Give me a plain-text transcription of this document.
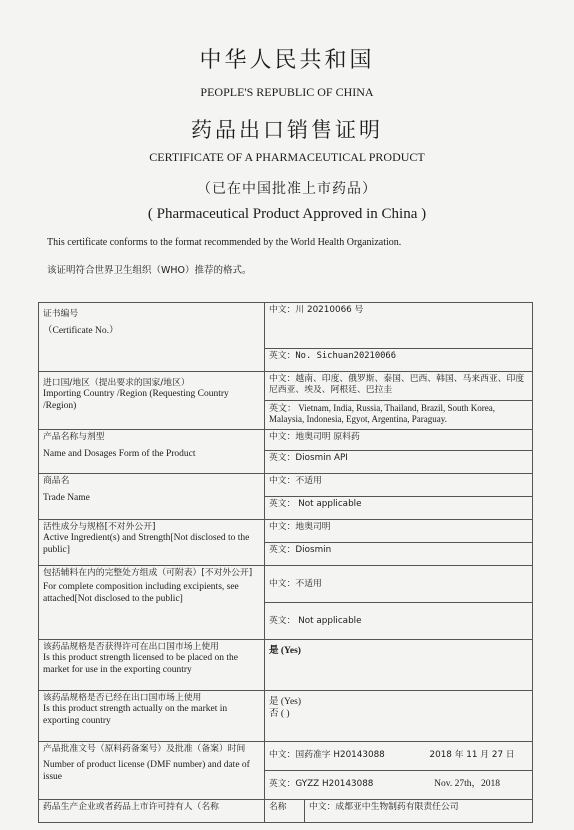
中华人民共和国
PEOPLE'S REPUBLIC OF CHINA
药品出口销售证明
CERTIFICATE OF A PHARMACEUTICAL PRODUCT
（已在中国批准上市药品）
( Pharmaceutical Product Approved in China )
This certificate conforms to the format recommended by the World Health Organization.
该证明符合世界卫生组织（WHO）推荐的格式。
证书编号
（Certificate No.）	中文：川 20210066 号	

	英文：No. Sichuan20210066	

进口国/地区（提出要求的国家/地区）
Importing Country /Region (Requesting Country /Region)	中文：越南、印度、俄罗斯、泰国、巴西、韩国、马来西亚、印度尼西亚、埃及、阿根廷、巴拉圭	

	英文： Vietnam, India, Russia, Thailand, Brazil, South Korea, Malaysia, Indonesia, Egyot, Argentina, Paraguay.	

产品名称与剂型
Name and Dosages Form of the Product	中文：地奥司明 原料药	

	英文：Diosmin API	

商品名
Trade Name	中文：不适用	

	英文： Not applicable	

活性成分与规格[不对外公开]
Active Ingredient(s) and Strength[Not disclosed to the public]	中文：地奥司明	

	英文：Diosmin	

包括辅料在内的完整处方组成（可附表）[不对外公开]
For complete composition including excipients, see attached[Not disclosed to the public]	中文：不适用	

	英文： Not applicable	

该药品规格是否获得许可在出口国市场上使用
Is this product strength licensed to be placed on the market for use in the exporting country	是 (Yes)	

该药品规格是否已经在出口国市场上使用
Is this product strength actually on the market in exporting country	是 (Yes)
否 ( )	

产品批准文号（原料药备案号）及批准（备案）时间
Number of product license (DMF number) and date of issue	中文：国药准字 H20143088 2018 年 11 月 27 日	
	英文：GYZZ H20143088 Nov. 27th，2018	

药品生产企业或者药品上市许可持有人（名称	名称	中文：成都亚中生物制药有限责任公司
